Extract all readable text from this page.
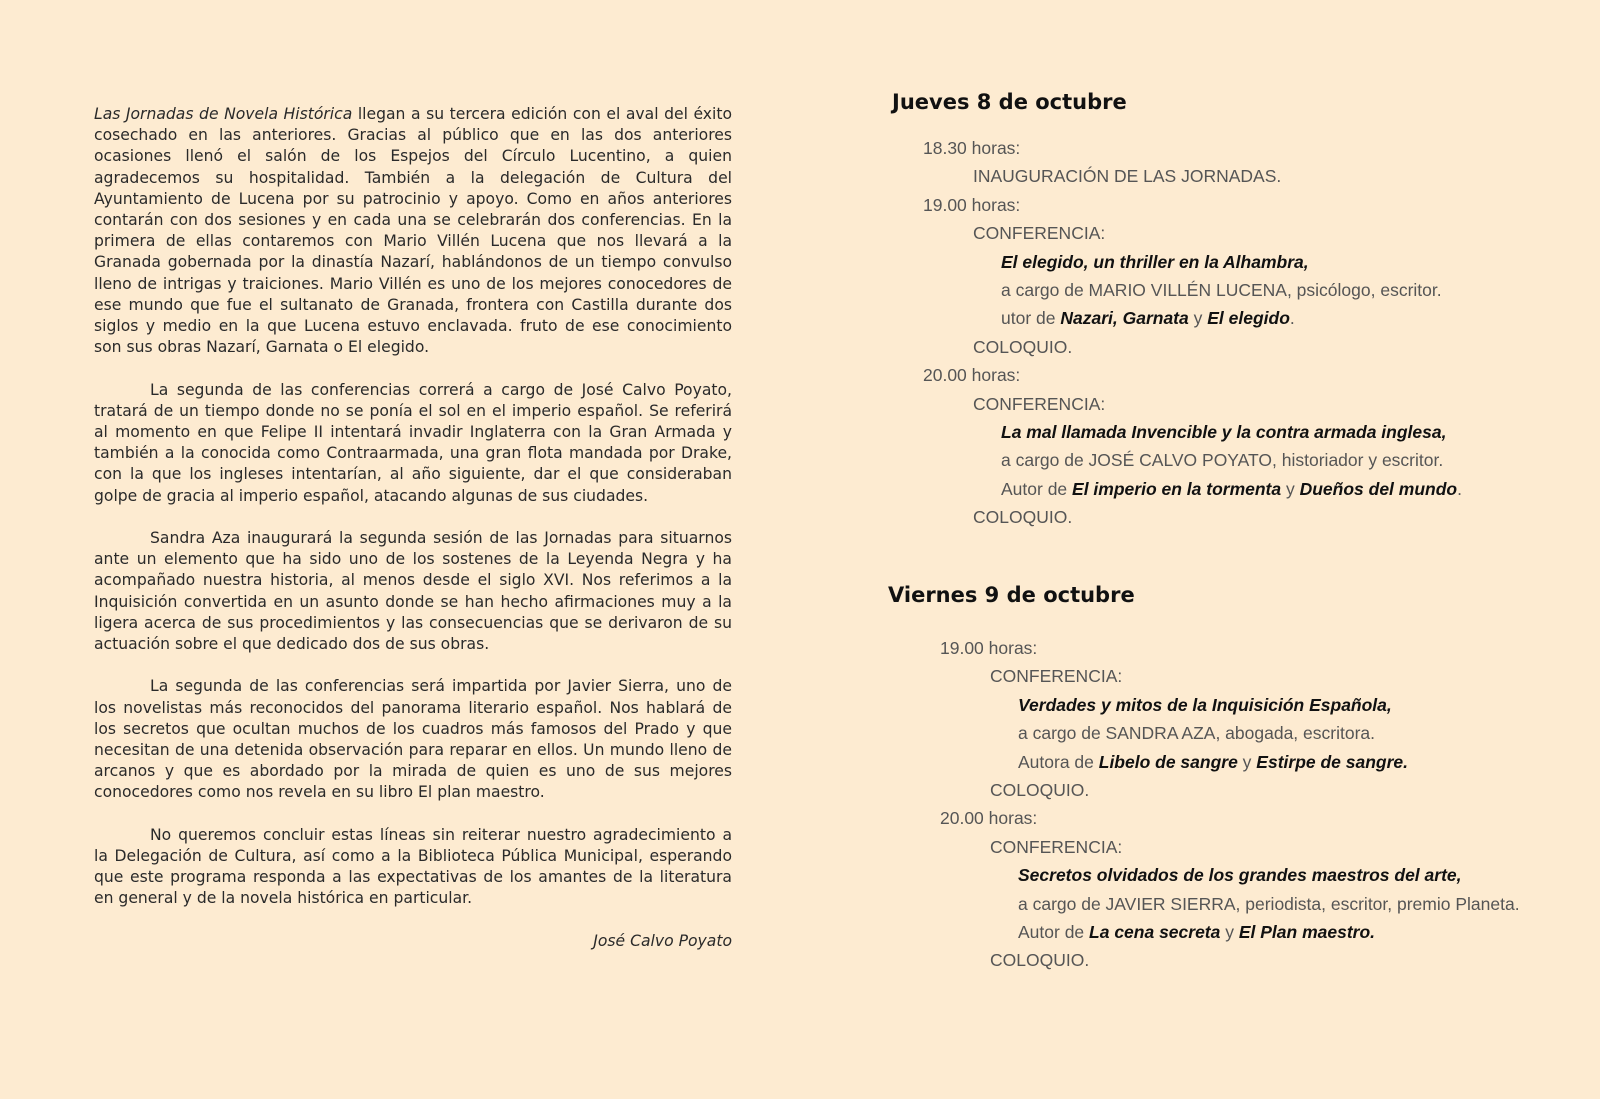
Las Jornadas de Novela Histórica llegan a su tercera edición con el aval del éxito cosechado en las anteriores. Gracias al público que en las dos anteriores ocasiones llenó el salón de los Espejos del Círculo Lucentino, a quien agradecemos su hospitalidad. También a la delegación de Cultura del Ayuntamiento de Lucena por su patrocinio y apoyo. Como en años anteriores contarán con dos sesiones y en cada una se celebrarán dos conferencias. En la primera de ellas contaremos con Mario Villén Lucena que nos llevará a la Granada gobernada por la dinastía Nazarí, hablándonos de un tiempo convulso lleno de intrigas y traiciones. Mario Villén es uno de los mejores conocedores de ese mundo que fue el sultanato de Granada, frontera con Castilla durante dos siglos y medio en la que Lucena estuvo enclavada. fruto de ese conocimiento son sus obras Nazarí, Garnata o El elegido.

La segunda de las conferencias correrá a cargo de José Calvo Poyato, tratará de un tiempo donde no se ponía el sol en el imperio español. Se referirá al momento en que Felipe II intentará invadir Inglaterra con la Gran Armada y también a la conocida como Contraarmada, una gran flota mandada por Drake, con la que los ingleses intentarían, al año siguiente, dar el que consideraban golpe de gracia al imperio español, atacando algunas de sus ciudades.

Sandra Aza inaugurará la segunda sesión de las Jornadas para situarnos ante un elemento que ha sido uno de los sostenes de la Leyenda Negra y ha acompañado nuestra historia, al menos desde el siglo XVI. Nos referimos a la Inquisición convertida en un asunto donde se han hecho afirmaciones muy a la ligera acerca de sus procedimientos y las consecuencias que se derivaron de su actuación sobre el que dedicado dos de sus obras.

La segunda de las conferencias será impartida por Javier Sierra, uno de los novelistas más reconocidos del panorama literario español. Nos hablará de los secretos que ocultan muchos de los cuadros más famosos del Prado y que necesitan de una detenida observación para reparar en ellos. Un mundo lleno de arcanos y que es abordado por la mirada de quien es uno de sus mejores conocedores como nos revela en su libro El plan maestro.

No queremos concluir estas líneas sin reiterar nuestro agradecimiento a la Delegación de Cultura, así como a la Biblioteca Pública Municipal, esperando que este programa responda a las expectativas de los amantes de la literatura en general y de la novela histórica en particular.

José Calvo Poyato
Jueves 8 de octubre
18.30 horas:
INAUGURACIÓN DE LAS JORNADAS.
19.00 horas:
CONFERENCIA:
El elegido, un thriller en la Alhambra,
a cargo de MARIO VILLÉN LUCENA, psicólogo, escritor.
utor de Nazari, Garnata y El elegido.
COLOQUIO.
20.00 horas:
CONFERENCIA:
La mal llamada Invencible y la contra armada inglesa,
a cargo de JOSÉ CALVO POYATO, historiador y escritor.
Autor de El imperio en la tormenta y Dueños del mundo.
COLOQUIO.
Viernes 9 de octubre
19.00 horas:
CONFERENCIA:
Verdades y mitos de la Inquisición Española,
a cargo de SANDRA AZA, abogada, escritora.
Autora de Libelo de sangre y Estirpe de sangre.
COLOQUIO.
20.00 horas:
CONFERENCIA:
Secretos olvidados de los grandes maestros del arte,
a cargo de JAVIER SIERRA, periodista, escritor, premio Planeta.
Autor de La cena secreta y El Plan maestro.
COLOQUIO.
